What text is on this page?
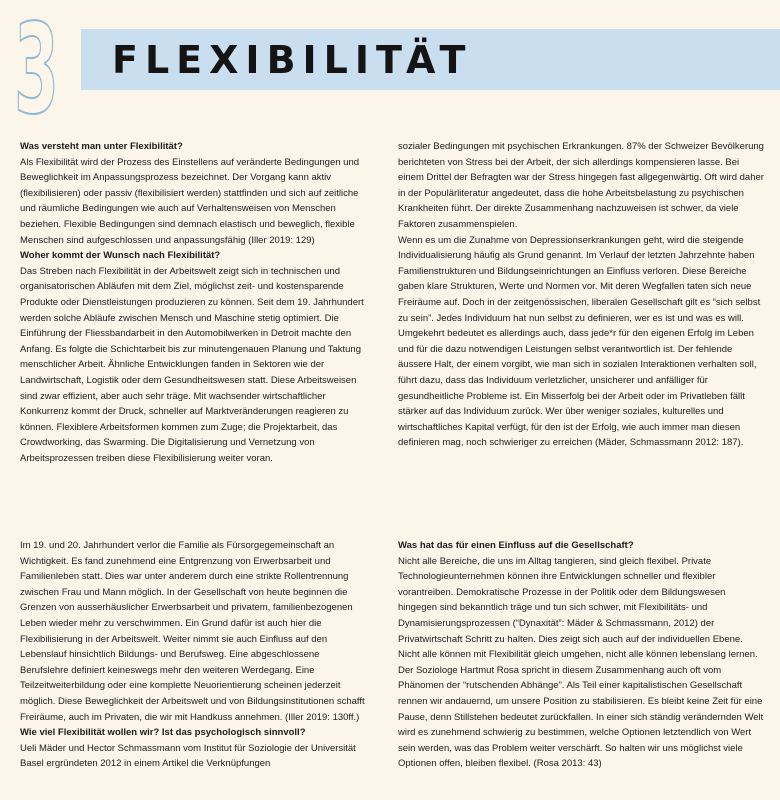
3 FLEXIBILITÄT

Was versteht man unter Flexibilität?

Als Flexibilität wird der Prozess des Einstellens auf veränderte Bedingungen und Beweglichkeit im Anpassungsprozess bezeichnet. Der Vorgang kann aktiv (flexibilisieren) oder passiv (flexibilisiert werden) stattfinden und sich auf zeitliche und räumliche Bedingungen wie auch auf Verhaltensweisen von Menschen beziehen. Flexible Bedingungen sind demnach elastisch und beweglich, flexible Menschen sind aufgeschlossen und anpassungsfähig (Iller 2019: 129)

Woher kommt der Wunsch nach Flexibilität?

Das Streben nach Flexibilität in der Arbeitswelt zeigt sich in technischen und organisatorischen Abläufen mit dem Ziel, möglichst zeit- und kostensparende Produkte oder Dienstleistungen produzieren zu können. Seit dem 19. Jahrhundert werden solche Abläufe zwischen Mensch und Maschine stetig optimiert. Die Einführung der Fliessbandarbeit in den Automobilwerken in Detroit machte den Anfang. Es folgte die Schichtarbeit bis zur minutengenauen Planung und Taktung menschlicher Arbeit. Ähnliche Entwicklungen fanden in Sektoren wie der Landwirtschaft, Logistik oder dem Gesundheitswesen statt. Diese Arbeitsweisen sind zwar effizient, aber auch sehr träge. Mit wachsender wirtschaftlicher Konkurrenz kommt der Druck, schneller auf Marktveränderungen reagieren zu können. Flexiblere Arbeitsformen kommen zum Zuge; die Projektarbeit, das Crowdworking, das Swarming. Die Digitalisierung und Vernetzung von Arbeitsprozessen treiben diese Flexibilisierung weiter voran.

sozialer Bedingungen mit psychischen Erkrankungen. 87% der Schweizer Bevölkerung berichteten von Stress bei der Arbeit, der sich allerdings kompensieren lasse. Bei einem Drittel der Befragten war der Stress hingegen fast allgegenwärtig. Oft wird daher in der Populärliteratur angedeutet, dass die hohe Arbeitsbelastung zu psychischen Krankheiten führt. Der direkte Zusammenhang nachzuweisen ist schwer, da viele Faktoren zusammenspielen.

Wenn es um die Zunahme von Depressionserkrankungen geht, wird die steigende Individualisierung häufig als Grund genannt. Im Verlauf der letzten Jahrzehnte haben Familienstrukturen und Bildungseinrichtungen an Einfluss verloren. Diese Bereiche gaben klare Strukturen, Werte und Normen vor. Mit deren Wegfallen taten sich neue Freiräume auf. Doch in der zeitgenössischen, liberalen Gesellschaft gilt es “sich selbst zu sein”. Jedes Individuum hat nun selbst zu definieren, wer es ist und was es will. Umgekehrt bedeutet es allerdings auch, dass jede*r für den eigenen Erfolg im Leben und für die dazu notwendigen Leistungen selbst verantwortlich ist. Der fehlende äussere Halt, der einem vorgibt, wie man sich in sozialen Interaktionen verhalten soll, führt dazu, dass das Individuum verletzlicher, unsicherer und anfälliger für gesundheitliche Probleme ist. Ein Misserfolg bei der Arbeit oder im Privatleben fällt stärker auf das Individuum zurück. Wer über weniger soziales, kulturelles und wirtschaftliches Kapital verfügt, für den ist der Erfolg, wie auch immer man diesen definieren mag, noch schwieriger zu erreichen (Mäder, Schmassmann 2012: 187).

Im 19. und 20. Jahrhundert verlor die Familie als Fürsorgegemeinschaft an Wichtigkeit. Es fand zunehmend eine Entgrenzung von Erwerbsarbeit und Familienleben statt. Dies war unter anderem durch eine strikte Rollentrennung zwischen Frau und Mann möglich. In der Gesellschaft von heute beginnen die Grenzen von ausserhäuslicher Erwerbsarbeit und privatem, familienbezogenen Leben wieder mehr zu verschwimmen. Ein Grund dafür ist auch hier die Flexibilisierung in der Arbeitswelt. Weiter nimmt sie auch Einfluss auf den Lebenslauf hinsichtlich Bildungs- und Berufsweg. Eine abgeschlossene Berufslehre definiert keineswegs mehr den weiteren Werdegang. Eine Teilzeitweiterbildung oder eine komplette Neuorientierung scheinen jederzeit möglich. Diese Beweglichkeit der Arbeitswelt und von Bildungsinstitutionen schafft Freiräume, auch im Privaten, die wir mit Handkuss annehmen. (Iller 2019: 130ff.)

Wie viel Flexibilität wollen wir? Ist das psychologisch sinnvoll?

Ueli Mäder und Hector Schmassmann vom Institut für Soziologie der Universität Basel ergründeten 2012 in einem Artikel die Verknüpfungen

Was hat das für einen Einfluss auf die Gesellschaft?

Nicht alle Bereiche, die uns im Alltag tangieren, sind gleich flexibel. Private Technologieunternehmen können ihre Entwicklungen schneller und flexibler vorantreiben. Demokratische Prozesse in der Politik oder dem Bildungswesen hingegen sind bekanntlich träge und tun sich schwer, mit Flexibilitäts- und Dynamisierungsprozessen (“Dynaxität”: Mäder & Schmassmann, 2012) der Privatwirtschaft Schritt zu halten. Dies zeigt sich auch auf der individuellen Ebene. Nicht alle können mit Flexibilität gleich umgehen, nicht alle können lebenslang lernen. Der Soziologe Hartmut Rosa spricht in diesem Zusammenhang auch oft vom Phänomen der “rutschenden Abhänge”. Als Teil einer kapitalistischen Gesellschaft rennen wir andauernd, um unsere Position zu stabilisieren. Es bleibt keine Zeit für eine Pause, denn Stillstehen bedeutet zurückfallen. In einer sich ständig verändernden Welt wird es zunehmend schwierig zu bestimmen, welche Optionen letztendlich von Wert sein werden, was das Problem weiter verschärft. So halten wir uns möglichst viele Optionen offen, bleiben flexibel. (Rosa 2013: 43)
